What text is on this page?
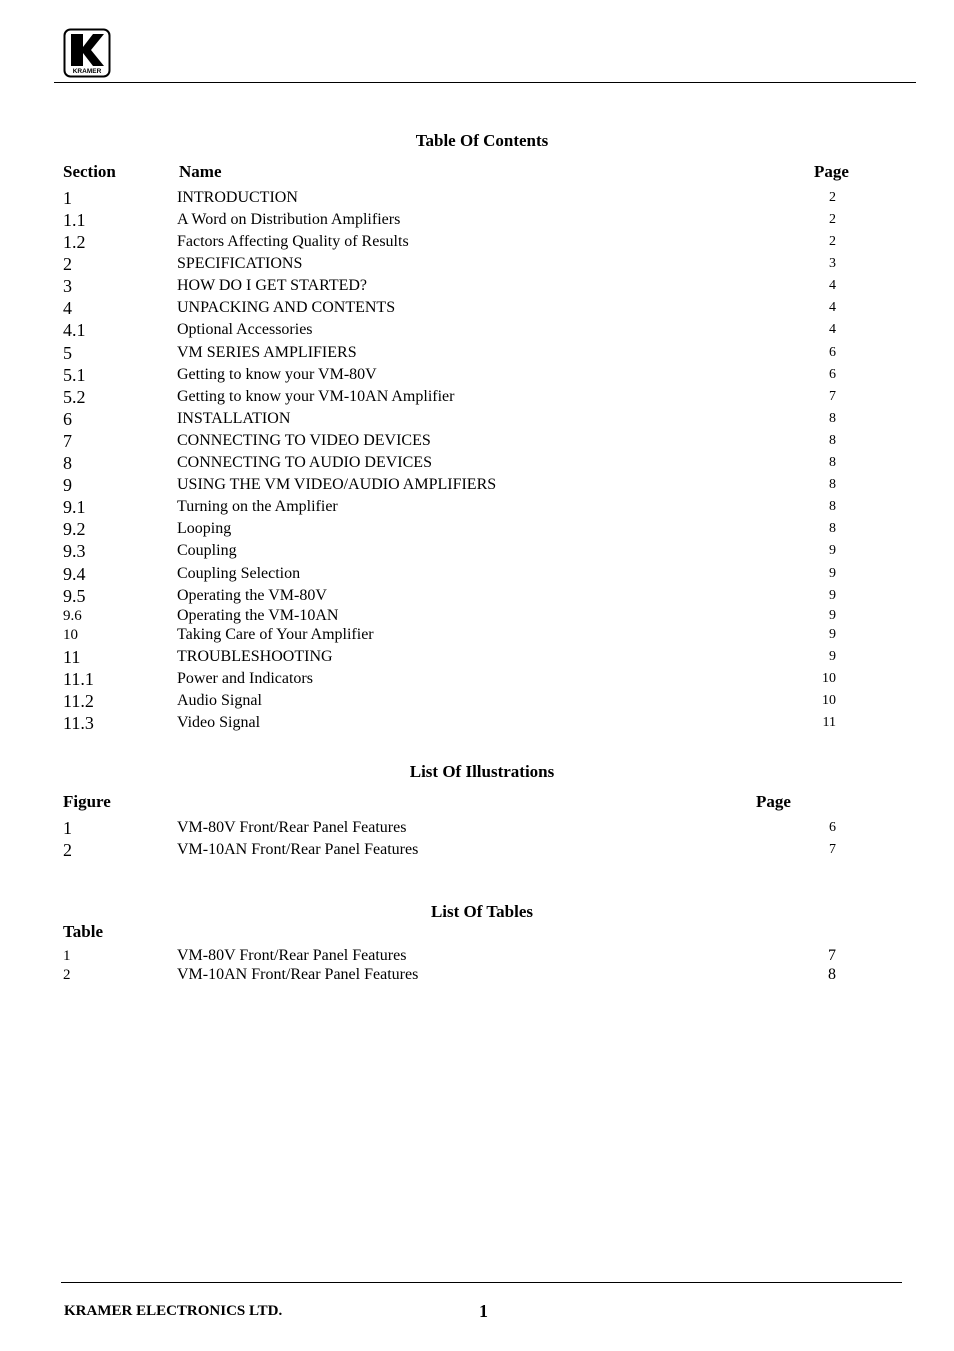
KRAMER
Table Of Contents
Section	Name	Page
1	INTRODUCTION	2
1.1	A Word on Distribution Amplifiers	2
1.2	Factors Affecting Quality of Results	2
2	SPECIFICATIONS	3
3	HOW DO I GET STARTED?	4
4	UNPACKING AND CONTENTS	4
4.1	Optional Accessories	4
5	VM SERIES AMPLIFIERS	6
5.1	Getting to know your VM-80V	6
5.2	Getting to know your VM-10AN Amplifier	7
6	INSTALLATION	8
7	CONNECTING TO VIDEO DEVICES	8
8	CONNECTING TO AUDIO DEVICES	8
9	USING THE VM VIDEO/AUDIO AMPLIFIERS	8
9.1	Turning on the Amplifier	8
9.2	Looping	8
9.3	Coupling	9
9.4	Coupling Selection	9
9.5	Operating the VM-80V	9
9.6	Operating the VM-10AN	9
10	Taking Care of Your Amplifier	9
11	TROUBLESHOOTING	9
11.1	Power and Indicators	10
11.2	Audio Signal	10
11.3	Video Signal	11
List Of Illustrations
Figure	Page
1	VM-80V Front/Rear Panel Features	6
2	VM-10AN Front/Rear Panel Features	7
List Of Tables
Table
1	VM-80V Front/Rear Panel Features	7
2	VM-10AN Front/Rear Panel Features	8
KRAMER ELECTRONICS LTD.	1
